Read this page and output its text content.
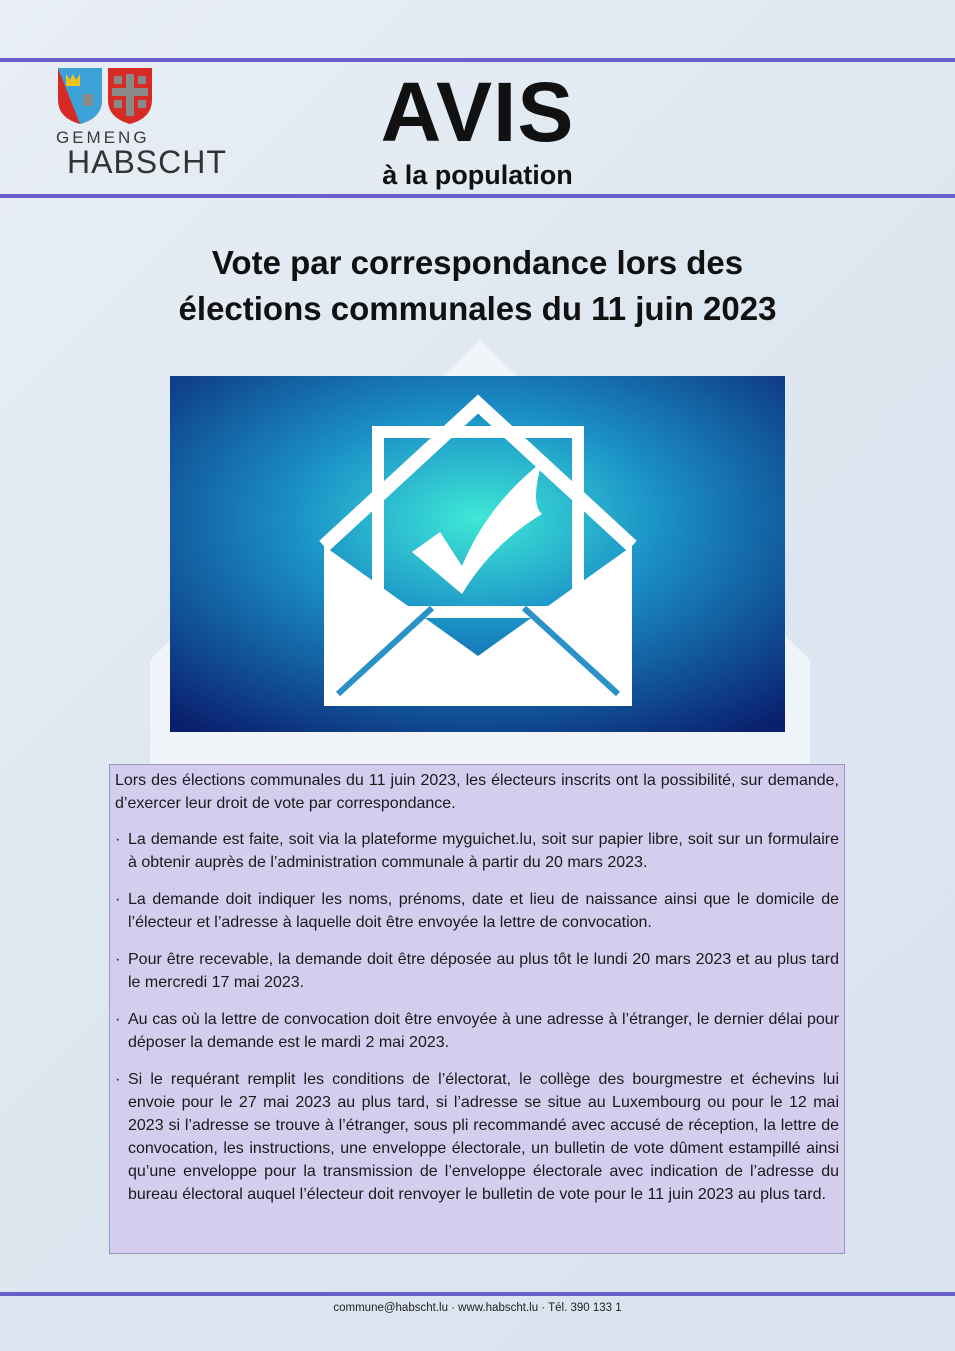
GEMENG
HABSCHT
AVIS
à la population
Vote par correspondance lors des
élections communales du 11 juin 2023

Lors des élections communales du 11 juin 2023, les électeurs inscrits ont la possibilité, sur demande, d’exercer leur droit de vote par correspondance.

· La demande est faite, soit via la plateforme myguichet.lu, soit sur papier libre, soit sur un formulaire à obtenir auprès de l’administration communale à partir du 20 mars 2023.
· La demande doit indiquer les noms, prénoms, date et lieu de naissance ainsi que le domicile de l’électeur et l’adresse à laquelle doit être envoyée la lettre de convocation.
· Pour être recevable, la demande doit être déposée au plus tôt le lundi 20 mars 2023 et au plus tard le mercredi 17 mai 2023.
· Au cas où la lettre de convocation doit être envoyée à une adresse à l’étranger, le dernier délai pour déposer la demande est le mardi 2 mai 2023.
· Si le requérant remplit les conditions de l’électorat, le collège des bourgmestre et échevins lui envoie pour le 27 mai 2023 au plus tard, si l’adresse se situe au Luxembourg ou pour le 12 mai 2023 si l’adresse se trouve à l’étranger, sous pli recommandé avec accusé de réception, la lettre de convocation, les instructions, une enveloppe électorale, un bulletin de vote dûment estampillé ainsi qu’une enveloppe pour la transmission de l’enveloppe électorale avec indication de l’adresse du bureau électoral auquel l’électeur doit renvoyer le bulletin de vote pour le 11 juin 2023 au plus tard.
commune@habscht.lu · www.habscht.lu · Tél. 390 133 1
